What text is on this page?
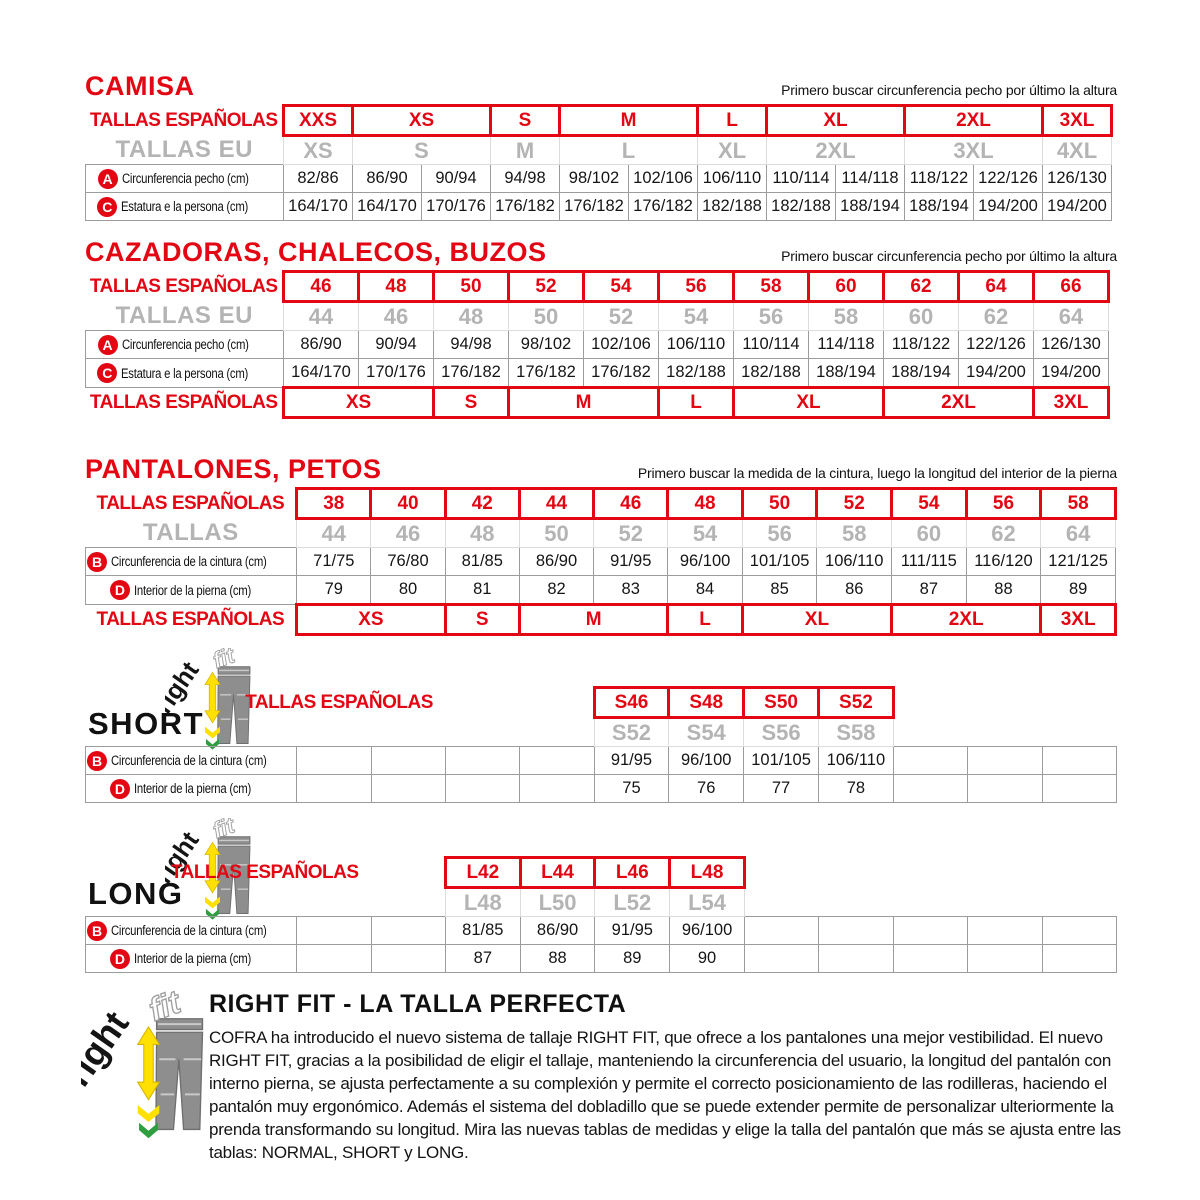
CAMISA	Primero buscar circunferencia pecho por último la altura
TALLAS ESPAÑOLAS	XXS	XS		S	M		L	XL		2XL		3XL
TALLAS EU	XS	S		M	L		XL	2XL		3XL		4XL
A Circunferencia pecho (cm)	82/86	86/90	90/94	94/98	98/102	102/106	106/110	110/114	114/118	118/122	122/126	126/130
C Estatura e la persona (cm)	164/170	164/170	170/176	176/182	176/182	176/182	182/188	182/188	188/194	188/194	194/200	194/200
CAZADORAS, CHALECOS, BUZOS	Primero buscar circunferencia pecho por último la altura
TALLAS ESPAÑOLAS	46	48	50	52	54	56	58	60	62	64	66
TALLAS EU	44	46	48	50	52	54	56	58	60	62	64
A Circunferencia pecho (cm)	86/90	90/94	94/98	98/102	102/106	106/110	110/114	114/118	118/122	122/126	126/130
C Estatura e la persona (cm)	164/170	170/176	176/182	176/182	176/182	182/188	182/188	188/194	188/194	194/200	194/200
TALLAS ESPAÑOLAS	XS		S	M		L	XL		2XL		3XL
PANTALONES, PETOS	Primero buscar la medida de la cintura, luego la longitud del interior de la pierna
TALLAS ESPAÑOLAS	38	40	42	44	46	48	50	52	54	56	58
TALLAS	44	46	48	50	52	54	56	58	60	62	64
B Circunferencia de la cintura (cm)	71/75	76/80	81/85	86/90	91/95	96/100	101/105	106/110	111/115	116/120	121/125
D Interior de la pierna (cm)	79	80	81	82	83	84	85	86	87	88	89
TALLAS ESPAÑOLAS	XS		S	M		L	XL		2XL		3XL
SHORT
TALLAS ESPAÑOLAS					S46	S48	S50	S52			
					S52	S54	S56	S58			
B Circunferencia de la cintura (cm)					91/95	96/100	101/105	106/110			
D Interior de la pierna (cm)					75	76	77	78			
LONG
TALLAS ESPAÑOLAS			L42	L44	L46	L48					
			L48	L50	L52	L54					
B Circunferencia de la cintura (cm)			81/85	86/90	91/95	96/100					
D Interior de la pierna (cm)			87	88	89	90					
RIGHT FIT - LA TALLA PERFECTA
COFRA ha introducido el nuevo sistema de tallaje RIGHT FIT, que ofrece a los pantalones una mejor vestibilidad. El nuevo RIGHT FIT, gracias a la posibilidad de eligir el tallaje, manteniendo la circunferencia del usuario, la longitud del pantalón con interno pierna, se ajusta perfectamente a su complexión y permite el correcto posicionamiento de las rodilleras, haciendo el pantalón muy ergonómico. Además el sistema del dobladillo que se puede extender permite de personalizar ulteriormente la prenda transformando su longitud. Mira las nuevas tablas de medidas y elige la talla del pantalón que más se ajusta entre las tablas: NORMAL, SHORT y LONG.
